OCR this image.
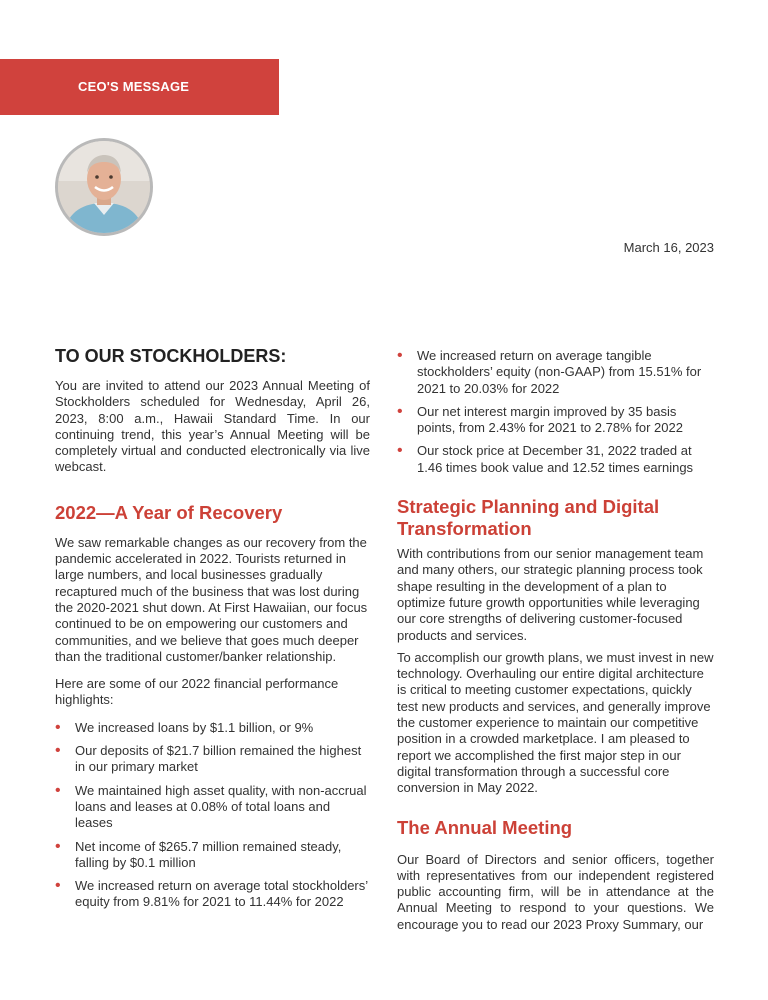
CEO'S MESSAGE
March 16, 2023
TO OUR STOCKHOLDERS:

You are invited to attend our 2023 Annual Meeting of Stockholders scheduled for Wednesday, April 26, 2023, 8:00 a.m., Hawaii Standard Time. In our continuing trend, this year’s Annual Meeting will be completely virtual and conducted electronically via live webcast.

2022—A Year of Recovery

We saw remarkable changes as our recovery from the pandemic accelerated in 2022. Tourists returned in large numbers, and local businesses gradually recaptured much of the business that was lost during the 2020-2021 shut down. At First Hawaiian, our focus continued to be on empowering our customers and communities, and we believe that goes much deeper than the traditional customer/banker relationship.

Here are some of our 2022 financial performance highlights:

• We increased loans by $1.1 billion, or 9%
• Our deposits of $21.7 billion remained the highest in our primary market
• We maintained high asset quality, with non-accrual loans and leases at 0.08% of total loans and leases
• Net income of $265.7 million remained steady, falling by $0.1 million
• We increased return on average total stockholders’ equity from 9.81% for 2021 to 11.44% for 2022
• We increased return on average tangible stockholders’ equity (non-GAAP) from 15.51% for 2021 to 20.03% for 2022
• Our net interest margin improved by 35 basis points, from 2.43% for 2021 to 2.78% for 2022
• Our stock price at December 31, 2022 traded at 1.46 times book value and 12.52 times earnings
Strategic Planning and Digital Transformation

With contributions from our senior management team and many others, our strategic planning process took shape resulting in the development of a plan to optimize future growth opportunities while leveraging our core strengths of delivering customer-focused products and services.

To accomplish our growth plans, we must invest in new technology. Overhauling our entire digital architecture is critical to meeting customer expectations, quickly test new products and services, and generally improve the customer experience to maintain our competitive position in a crowded marketplace. I am pleased to report we accomplished the first major step in our digital transformation through a successful core conversion in May 2022.

The Annual Meeting

Our Board of Directors and senior officers, together with representatives from our independent registered public accounting firm, will be in attendance at the Annual Meeting to respond to your questions. We encourage you to read our 2023 Proxy Summary, our
